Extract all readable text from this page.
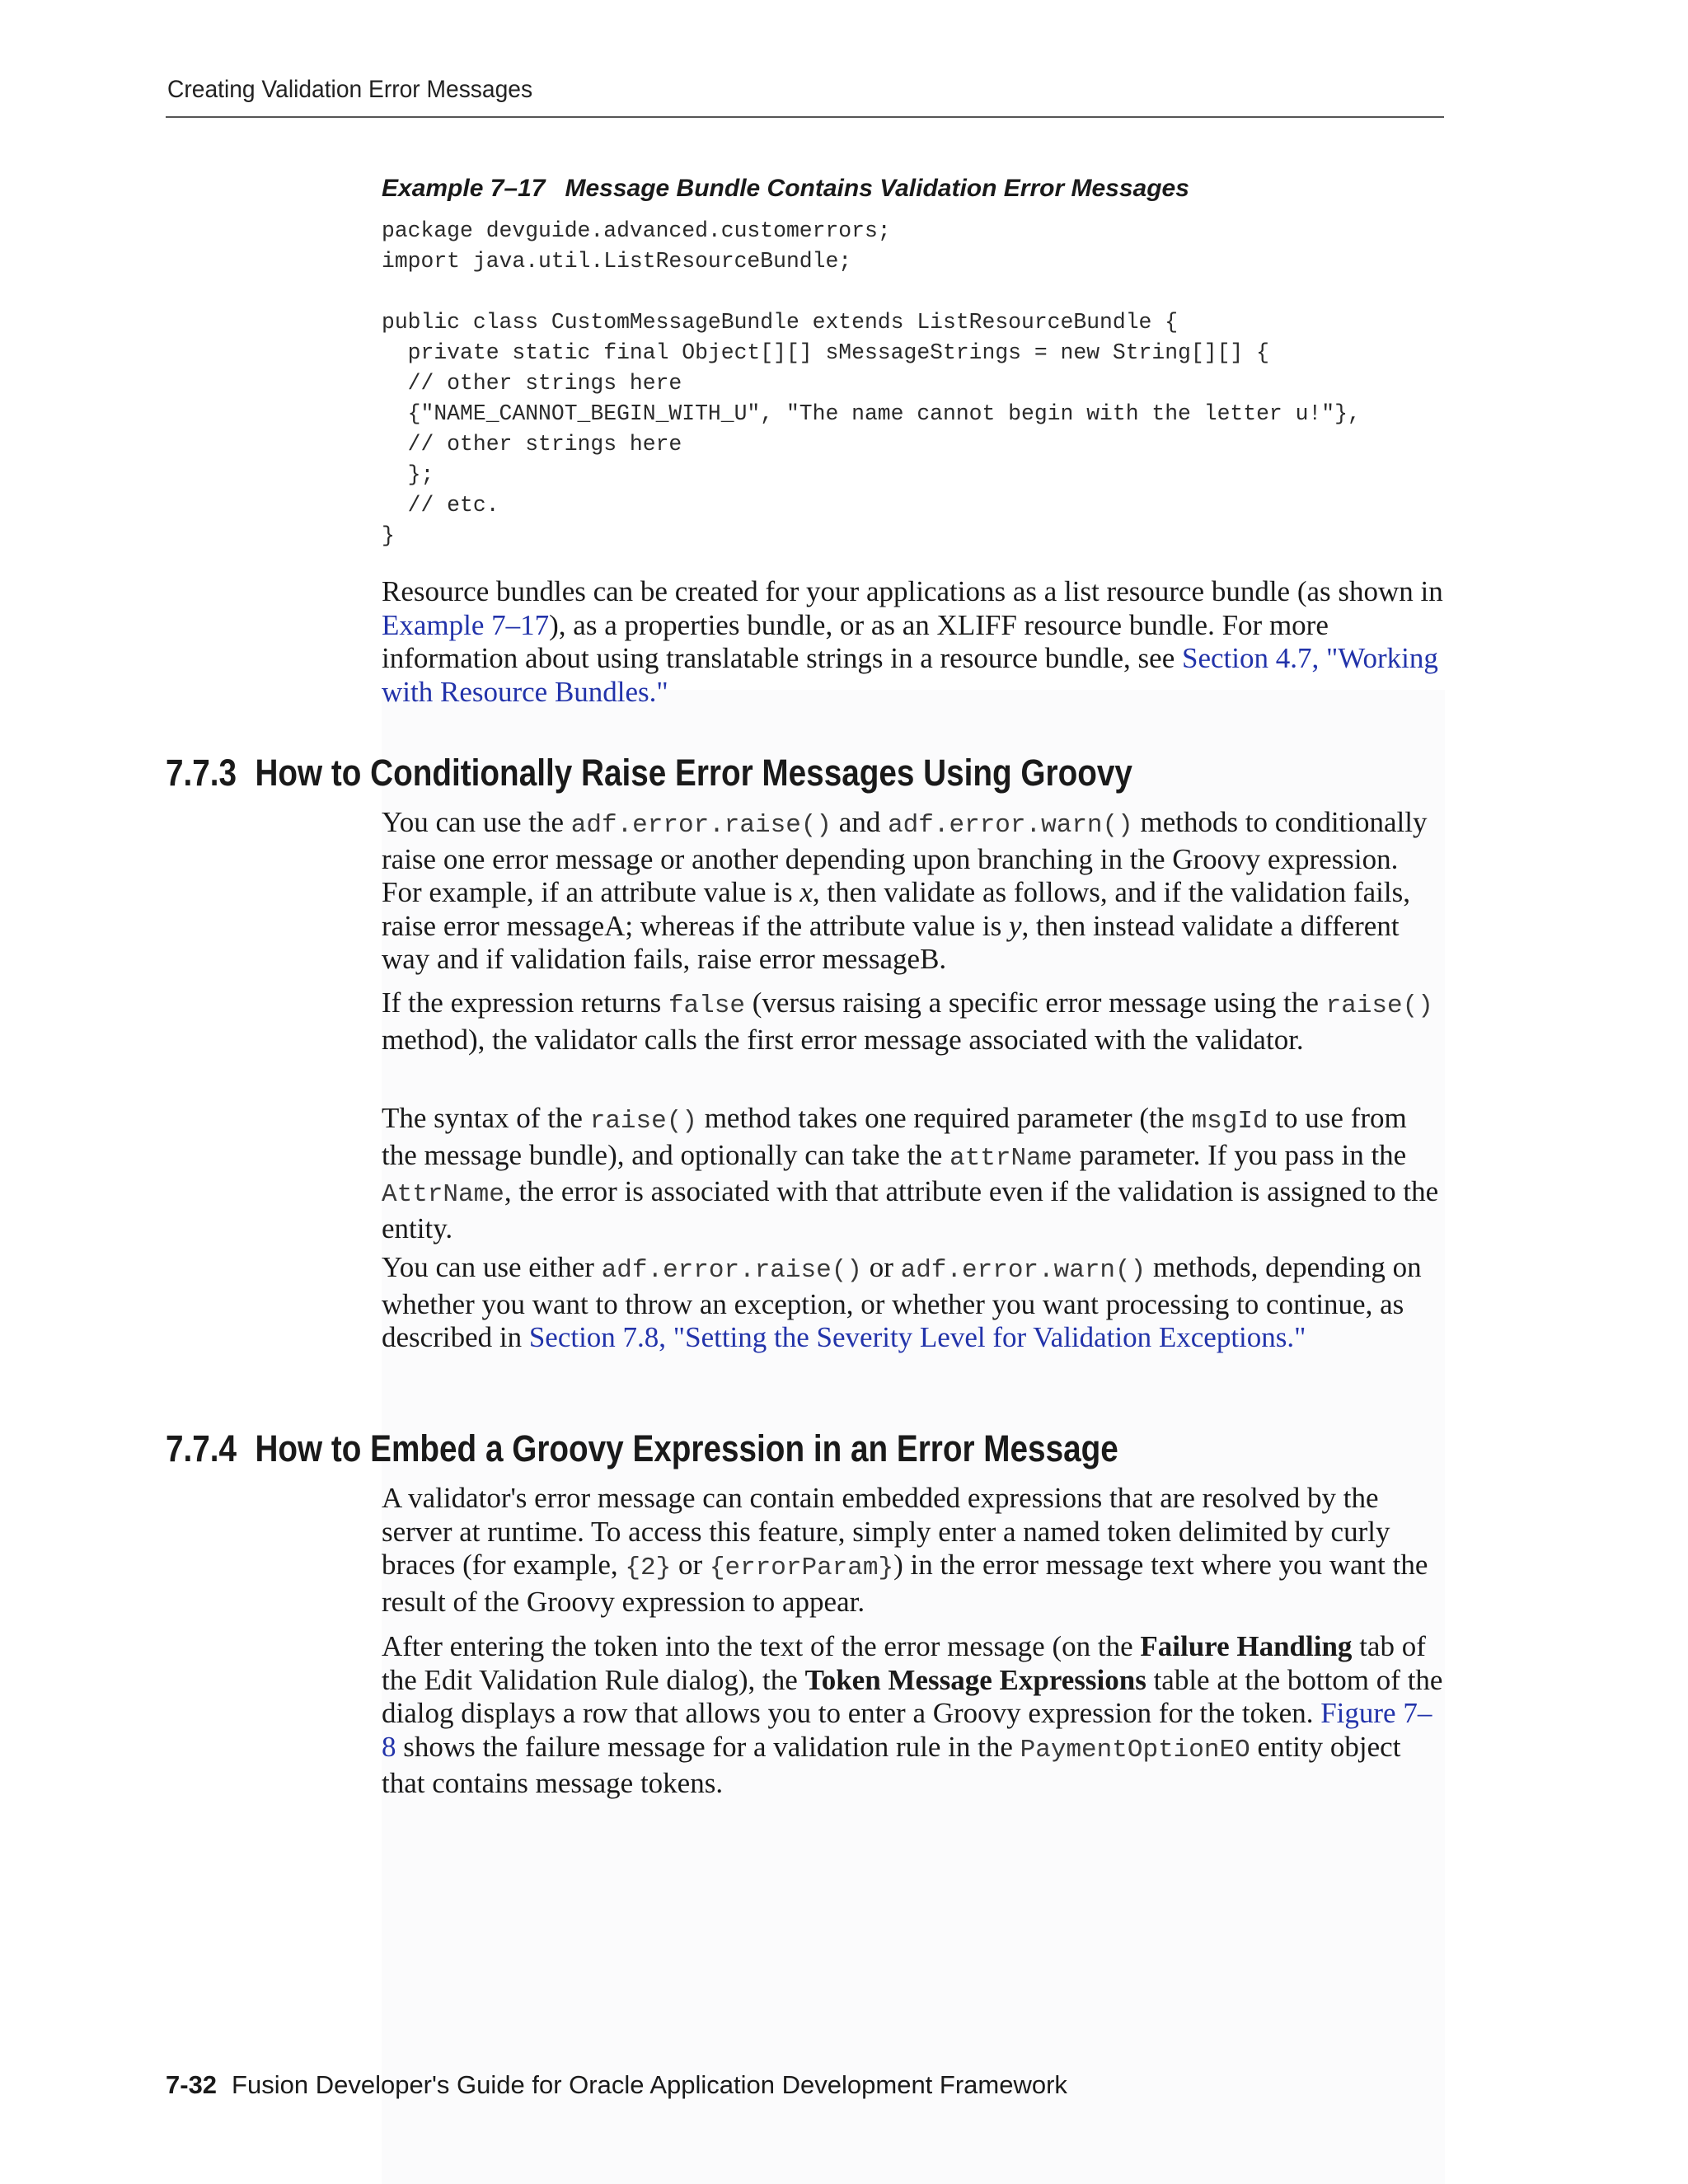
Creating Validation Error Messages

Example 7–17 Message Bundle Contains Validation Error Messages

package devguide.advanced.customerrors;
import java.util.ListResourceBundle;

public class CustomMessageBundle extends ListResourceBundle {
private static final Object[][] sMessageStrings = new String[][] {
// other strings here
{"NAME_CANNOT_BEGIN_WITH_U", "The name cannot begin with the letter u!"},
// other strings here
};
// etc.
}

Resource bundles can be created for your applications as a list resource bundle (as shown in Example 7–17), as a properties bundle, or as an XLIFF resource bundle. For more information about using translatable strings in a resource bundle, see Section 4.7, "Working with Resource Bundles."

7.7.3 How to Conditionally Raise Error Messages Using Groovy

You can use the adf.error.raise() and adf.error.warn() methods to conditionally raise one error message or another depending upon branching in the Groovy expression. For example, if an attribute value is x, then validate as follows, and if the validation fails, raise error messageA; whereas if the attribute value is y, then instead validate a different way and if validation fails, raise error messageB.

If the expression returns false (versus raising a specific error message using the raise() method), the validator calls the first error message associated with the validator.

The syntax of the raise() method takes one required parameter (the msgId to use from the message bundle), and optionally can take the attrName parameter. If you pass in the AttrName, the error is associated with that attribute even if the validation is assigned to the entity.

You can use either adf.error.raise() or adf.error.warn() methods, depending on whether you want to throw an exception, or whether you want processing to continue, as described in Section 7.8, "Setting the Severity Level for Validation Exceptions."

7.7.4 How to Embed a Groovy Expression in an Error Message

A validator's error message can contain embedded expressions that are resolved by the server at runtime. To access this feature, simply enter a named token delimited by curly braces (for example, {2} or {errorParam}) in the error message text where you want the result of the Groovy expression to appear.

After entering the token into the text of the error message (on the Failure Handling tab of the Edit Validation Rule dialog), the Token Message Expressions table at the bottom of the dialog displays a row that allows you to enter a Groovy expression for the token. Figure 7–8 shows the failure message for a validation rule in the PaymentOptionEO entity object that contains message tokens.

7-32 Fusion Developer's Guide for Oracle Application Development Framework
